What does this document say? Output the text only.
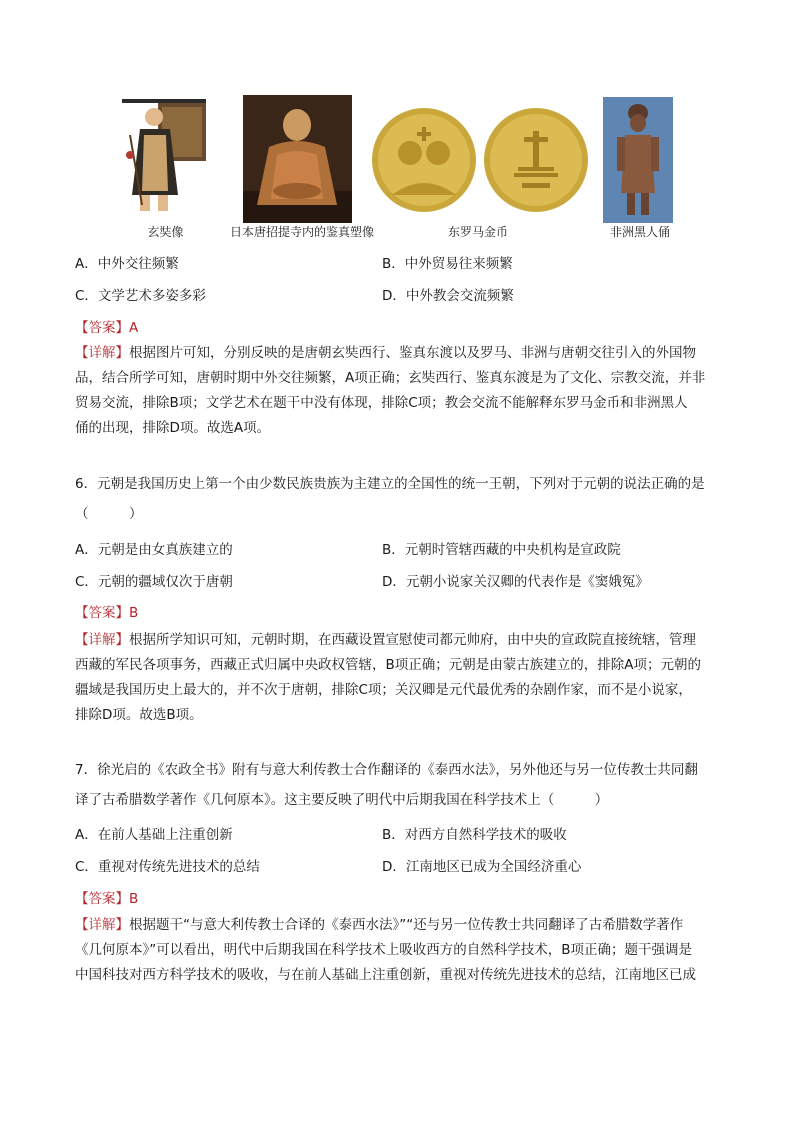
玄奘像	日本唐招提寺内的鉴真塑像	东罗马金币	非洲黑人俑
A．中外交往频繁	B．中外贸易往来频繁
C．文学艺术多姿多彩	D．中外教会交流频繁
【答案】A
【详解】根据图片可知，分别反映的是唐朝玄奘西行、鉴真东渡以及罗马、非洲与唐朝交往引入的外国物
品，结合所学可知，唐朝时期中外交往频繁，A项正确；玄奘西行、鉴真东渡是为了文化、宗教交流，并非
贸易交流，排除B项；文学艺术在题干中没有体现，排除C项；教会交流不能解释东罗马金币和非洲黑人
俑的出现，排除D项。故选A项。
6．元朝是我国历史上第一个由少数民族贵族为主建立的全国性的统一王朝，下列对于元朝的说法正确的是
（　　　）
A．元朝是由女真族建立的	B．元朝时管辖西藏的中央机构是宣政院
C．元朝的疆域仅次于唐朝	D．元朝小说家关汉卿的代表作是《窦娥冤》
【答案】B
【详解】根据所学知识可知，元朝时期，在西藏设置宣慰使司都元帅府，由中央的宣政院直接统辖，管理
西藏的军民各项事务，西藏正式归属中央政权管辖，B项正确；元朝是由蒙古族建立的，排除A项；元朝的
疆域是我国历史上最大的，并不次于唐朝，排除C项；关汉卿是元代最优秀的杂剧作家，而不是小说家，
排除D项。故选B项。
7．徐光启的《农政全书》附有与意大利传教士合作翻译的《泰西水法》，另外他还与另一位传教士共同翻
译了古希腊数学著作《几何原本》。这主要反映了明代中后期我国在科学技术上（　　　）
A．在前人基础上注重创新	B．对西方自然科学技术的吸收
C．重视对传统先进技术的总结	D．江南地区已成为全国经济重心
【答案】B
【详解】根据题干“与意大利传教士合译的《泰西水法》”“还与另一位传教士共同翻译了古希腊数学著作
《几何原本》”可以看出，明代中后期我国在科学技术上吸收西方的自然科学技术，B项正确；题干强调是
中国科技对西方科学技术的吸收，与在前人基础上注重创新，重视对传统先进技术的总结，江南地区已成
